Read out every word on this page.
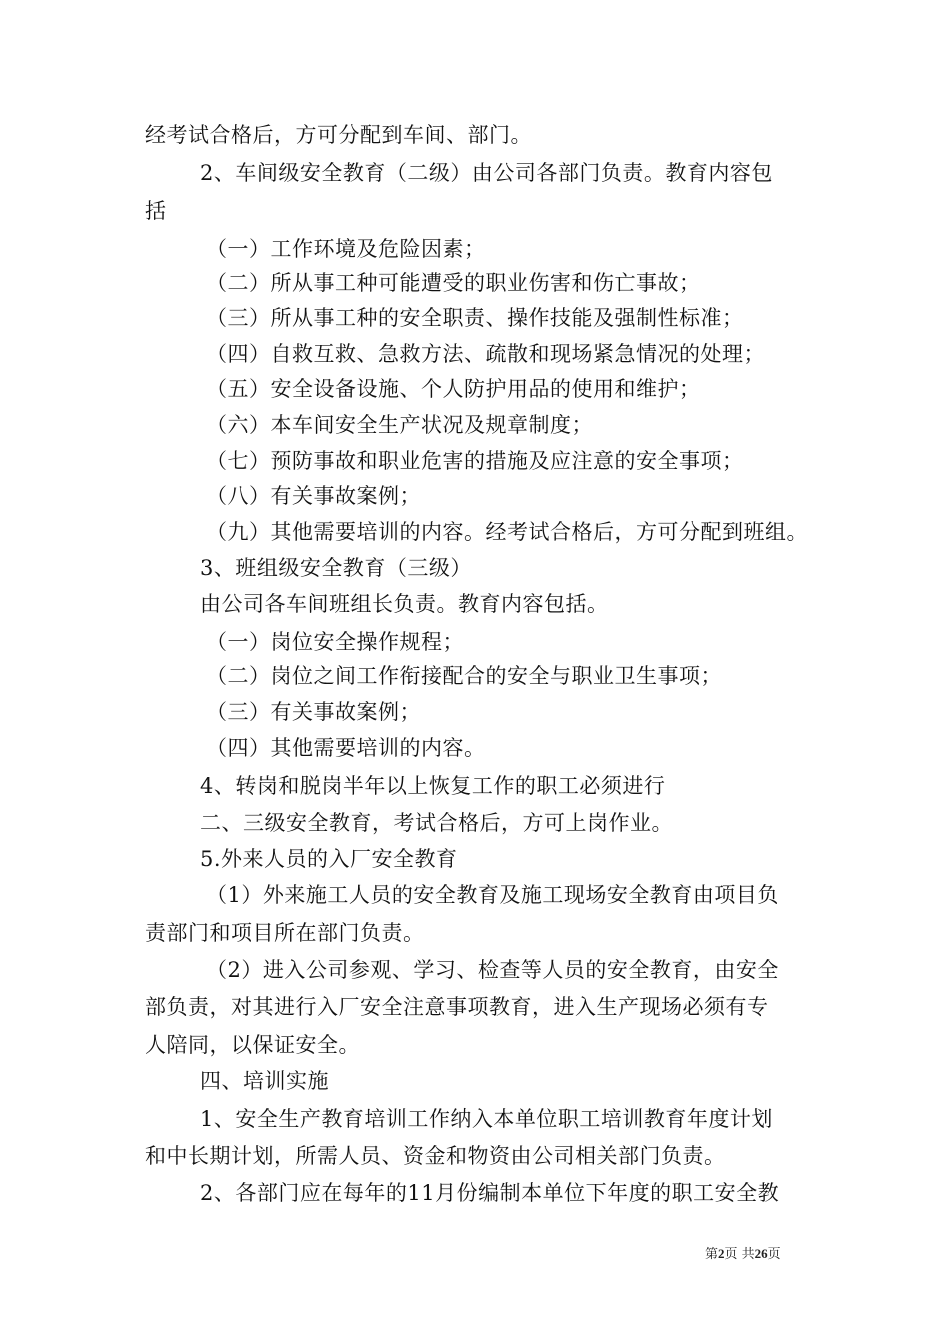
经考试合格后，方可分配到车间、部门。
2、车间级安全教育（二级）由公司各部门负责。教育内容包
括
（一）工作环境及危险因素；
（二）所从事工种可能遭受的职业伤害和伤亡事故；
（三）所从事工种的安全职责、操作技能及强制性标准；
（四）自救互救、急救方法、疏散和现场紧急情况的处理；
（五）安全设备设施、个人防护用品的使用和维护；
（六）本车间安全生产状况及规章制度；
（七）预防事故和职业危害的措施及应注意的安全事项；
（八）有关事故案例；
（九）其他需要培训的内容。经考试合格后，方可分配到班组。
3、班组级安全教育（三级）
由公司各车间班组长负责。教育内容包括。
（一）岗位安全操作规程；
（二）岗位之间工作衔接配合的安全与职业卫生事项；
（三）有关事故案例；
（四）其他需要培训的内容。
4、转岗和脱岗半年以上恢复工作的职工必须进行
二、三级安全教育，考试合格后，方可上岗作业。
5.外来人员的入厂安全教育
（1）外来施工人员的安全教育及施工现场安全教育由项目负
责部门和项目所在部门负责。
（2）进入公司参观、学习、检查等人员的安全教育，由安全
部负责，对其进行入厂安全注意事项教育，进入生产现场必须有专
人陪同，以保证安全。
四、培训实施
1、安全生产教育培训工作纳入本单位职工培训教育年度计划
和中长期计划，所需人员、资金和物资由公司相关部门负责。
2、各部门应在每年的11月份编制本单位下年度的职工安全教
第2页 共26页
